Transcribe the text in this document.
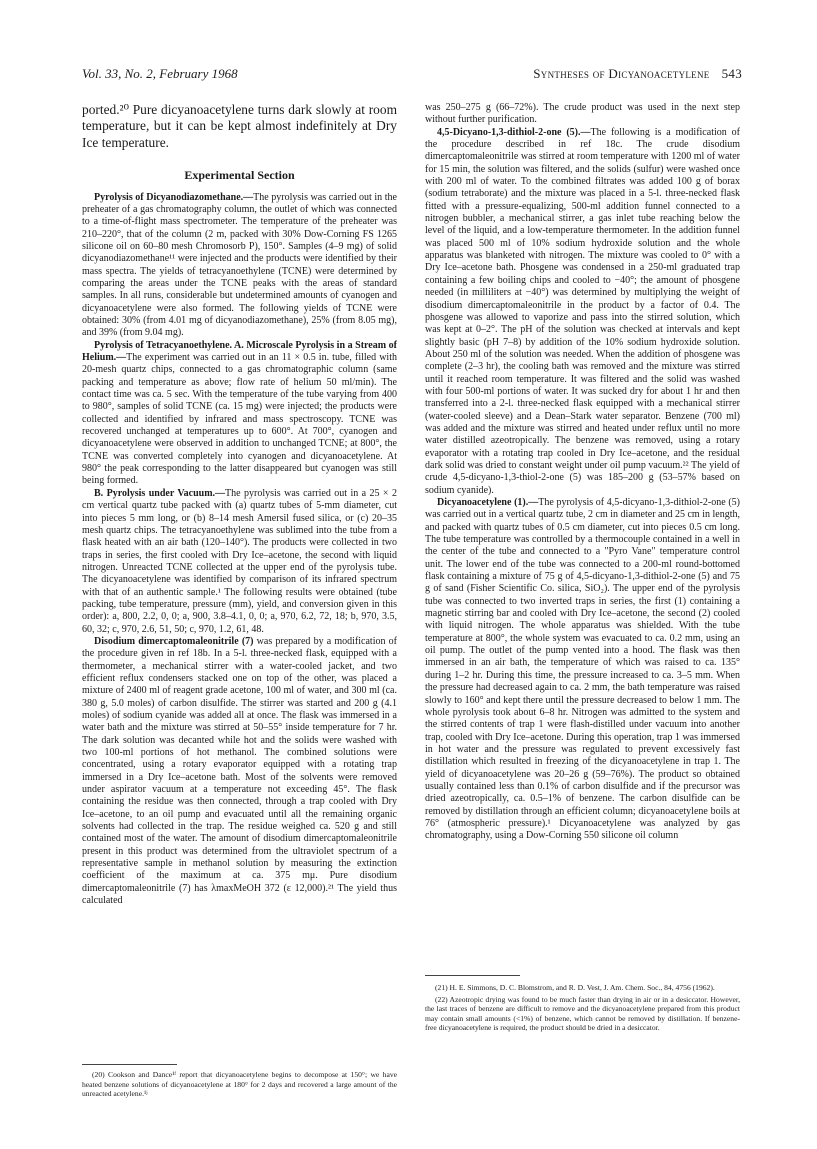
Vol. 33, No. 2, February 1968	Syntheses of Dicyanoacetylene 543

ported.²⁰ Pure dicyanoacetylene turns dark slowly at room temperature, but it can be kept almost indefinitely at Dry Ice temperature.

Experimental Section

Pyrolysis of Dicyanodiazomethane.—The pyrolysis was carried out in the preheater of a gas chromatography column, the outlet of which was connected to a time-of-flight mass spectrometer. The temperature of the preheater was 210–220°, that of the column (2 m, packed with 30% Dow-Corning FS 1265 silicone oil on 60–80 mesh Chromosorb P), 150°. Samples (4–9 mg) of solid dicyanodiazomethane¹¹ were injected and the products were identified by their mass spectra. The yields of tetracyanoethylene (TCNE) were determined by comparing the areas under the TCNE peaks with the areas of standard samples. In all runs, considerable but undetermined amounts of cyanogen and dicyanoacetylene were also formed. The following yields of TCNE were obtained: 30% (from 4.01 mg of dicyanodiazomethane), 25% (from 8.05 mg), and 39% (from 9.04 mg).

Pyrolysis of Tetracyanoethylene. A. Microscale Pyrolysis in a Stream of Helium.—The experiment was carried out in an 11 × 0.5 in. tube, filled with 20-mesh quartz chips, connected to a gas chromatographic column (same packing and temperature as above; flow rate of helium 50 ml/min). The contact time was ca. 5 sec. With the temperature of the tube varying from 400 to 980°, samples of solid TCNE (ca. 15 mg) were injected; the products were collected and identified by infrared and mass spectroscopy. TCNE was recovered unchanged at temperatures up to 600°. At 700°, cyanogen and dicyanoacetylene were observed in addition to unchanged TCNE; at 800°, the TCNE was converted completely into cyanogen and dicyanoacetylene. At 980° the peak corresponding to the latter disappeared but cyanogen was still being formed.

B. Pyrolysis under Vacuum.—The pyrolysis was carried out in a 25 × 2 cm vertical quartz tube packed with (a) quartz tubes of 5-mm diameter, cut into pieces 5 mm long, or (b) 8–14 mesh Amersil fused silica, or (c) 20–35 mesh quartz chips. The tetracyanoethylene was sublimed into the tube from a flask heated with an air bath (120–140°). The products were collected in two traps in series, the first cooled with Dry Ice–acetone, the second with liquid nitrogen. Unreacted TCNE collected at the upper end of the pyrolysis tube. The dicyanoacetylene was identified by comparison of its infrared spectrum with that of an authentic sample.¹ The following results were obtained (tube packing, tube temperature, pressure (mm), yield, and conversion given in this order): a, 800, 2.2, 0, 0; a, 900, 3.8–4.1, 0, 0; a, 970, 6.2, 72, 18; b, 970, 3.5, 60, 32; c, 970, 2.6, 51, 50; c, 970, 1.2, 61, 48.

Disodium dimercaptomaleonitrile (7) was prepared by a modification of the procedure given in ref 18b. In a 5-l. three-necked flask, equipped with a thermometer, a mechanical stirrer with a water-cooled jacket, and two efficient reflux condensers stacked one on top of the other, was placed a mixture of 2400 ml of reagent grade acetone, 100 ml of water, and 300 ml (ca. 380 g, 5.0 moles) of carbon disulfide. The stirrer was started and 200 g (4.1 moles) of sodium cyanide was added all at once. The flask was immersed in a water bath and the mixture was stirred at 50–55° inside temperature for 7 hr. The dark solution was decanted while hot and the solids were washed with two 100-ml portions of hot methanol. The combined solutions were concentrated, using a rotary evaporator equipped with a rotating trap immersed in a Dry Ice–acetone bath. Most of the solvents were removed under aspirator vacuum at a temperature not exceeding 45°. The flask containing the residue was then connected, through a trap cooled with Dry Ice–acetone, to an oil pump and evacuated until all the remaining organic solvents had collected in the trap. The residue weighed ca. 520 g and still contained most of the water. The amount of disodium dimercaptomaleonitrile present in this product was determined from the ultraviolet spectrum of a representative sample in methanol solution by measuring the extinction coefficient of the maximum at ca. 375 mμ. Pure disodium dimercaptomaleonitrile (7) has λmaxMeOH 372 (ε 12,000).²¹ The yield thus calculated

was 250–275 g (66–72%). The crude product was used in the next step without further purification.

4,5-Dicyano-1,3-dithiol-2-one (5).—The following is a modification of the procedure described in ref 18c. The crude disodium dimercaptomaleonitrile was stirred at room temperature with 1200 ml of water for 15 min, the solution was filtered, and the solids (sulfur) were washed once with 200 ml of water. To the combined filtrates was added 100 g of borax (sodium tetraborate) and the mixture was placed in a 5-l. three-necked flask fitted with a pressure-equalizing, 500-ml addition funnel connected to a nitrogen bubbler, a mechanical stirrer, a gas inlet tube reaching below the level of the liquid, and a low-temperature thermometer. In the addition funnel was placed 500 ml of 10% sodium hydroxide solution and the whole apparatus was blanketed with nitrogen. The mixture was cooled to 0° with a Dry Ice–acetone bath. Phosgene was condensed in a 250-ml graduated trap containing a few boiling chips and cooled to −40°; the amount of phosgene needed (in milliliters at −40°) was determined by multiplying the weight of disodium dimercaptomaleonitrile in the product by a factor of 0.4. The phosgene was allowed to vaporize and pass into the stirred solution, which was kept at 0–2°. The pH of the solution was checked at intervals and kept slightly basic (pH 7–8) by addition of the 10% sodium hydroxide solution. About 250 ml of the solution was needed. When the addition of phosgene was complete (2–3 hr), the cooling bath was removed and the mixture was stirred until it reached room temperature. It was filtered and the solid was washed with four 500-ml portions of water. It was sucked dry for about 1 hr and then transferred into a 2-l. three-necked flask equipped with a mechanical stirrer (water-cooled sleeve) and a Dean–Stark water separator. Benzene (700 ml) was added and the mixture was stirred and heated under reflux until no more water distilled azeotropically. The benzene was removed, using a rotary evaporator with a rotating trap cooled in Dry Ice–acetone, and the residual dark solid was dried to constant weight under oil pump vacuum.²² The yield of crude 4,5-dicyano-1,3-thiol-2-one (5) was 185–200 g (53–57% based on sodium cyanide).

Dicyanoacetylene (1).—The pyrolysis of 4,5-dicyano-1,3-dithiol-2-one (5) was carried out in a vertical quartz tube, 2 cm in diameter and 25 cm in length, and packed with quartz tubes of 0.5 cm diameter, cut into pieces 0.5 cm long. The tube temperature was controlled by a thermocouple contained in a well in the center of the tube and connected to a "Pyro Vane" temperature control unit. The lower end of the tube was connected to a 200-ml round-bottomed flask containing a mixture of 75 g of 4,5-dicyano-1,3-dithiol-2-one (5) and 75 g of sand (Fisher Scientific Co. silica, SiO₂). The upper end of the pyrolysis tube was connected to two inverted traps in series, the first (1) containing a magnetic stirring bar and cooled with Dry Ice–acetone, the second (2) cooled with liquid nitrogen. The whole apparatus was shielded. With the tube temperature at 800°, the whole system was evacuated to ca. 0.2 mm, using an oil pump. The outlet of the pump vented into a hood. The flask was then immersed in an air bath, the temperature of which was raised to ca. 135° during 1–2 hr. During this time, the pressure increased to ca. 3–5 mm. When the pressure had decreased again to ca. 2 mm, the bath temperature was raised slowly to 160° and kept there until the pressure decreased to below 1 mm. The whole pyrolysis took about 6–8 hr. Nitrogen was admitted to the system and the stirred contents of trap 1 were flash-distilled under vacuum into another trap, cooled with Dry Ice–acetone. During this operation, trap 1 was immersed in hot water and the pressure was regulated to prevent excessively fast distillation which resulted in freezing of the dicyanoacetylene in trap 1. The yield of dicyanoacetylene was 20–26 g (59–76%). The product so obtained usually contained less than 0.1% of carbon disulfide and if the precursor was dried azeotropically, ca. 0.5–1% of benzene. The carbon disulfide can be removed by distillation through an efficient column; dicyanoacetylene boils at 76° (atmospheric pressure).¹ Dicyanoacetylene was analyzed by gas chromatography, using a Dow-Corning 550 silicone oil column

(20) Cookson and Dance¹ᶠ report that dicyanoacetylene begins to decompose at 150°; we have heated benzene solutions of dicyanoacetylene at 180° for 2 days and recovered a large amount of the unreacted acetylene.¹ʲ

(21) H. E. Simmons, D. C. Blomstrom, and R. D. Vest, J. Am. Chem. Soc., 84, 4756 (1962).

(22) Azeotropic drying was found to be much faster than drying in air or in a desiccator. However, the last traces of benzene are difficult to remove and the dicyanoacetylene prepared from this product may contain small amounts (<1%) of benzene, which cannot be removed by distillation. If benzene-free dicyanoacetylene is required, the product should be dried in a desiccator.
